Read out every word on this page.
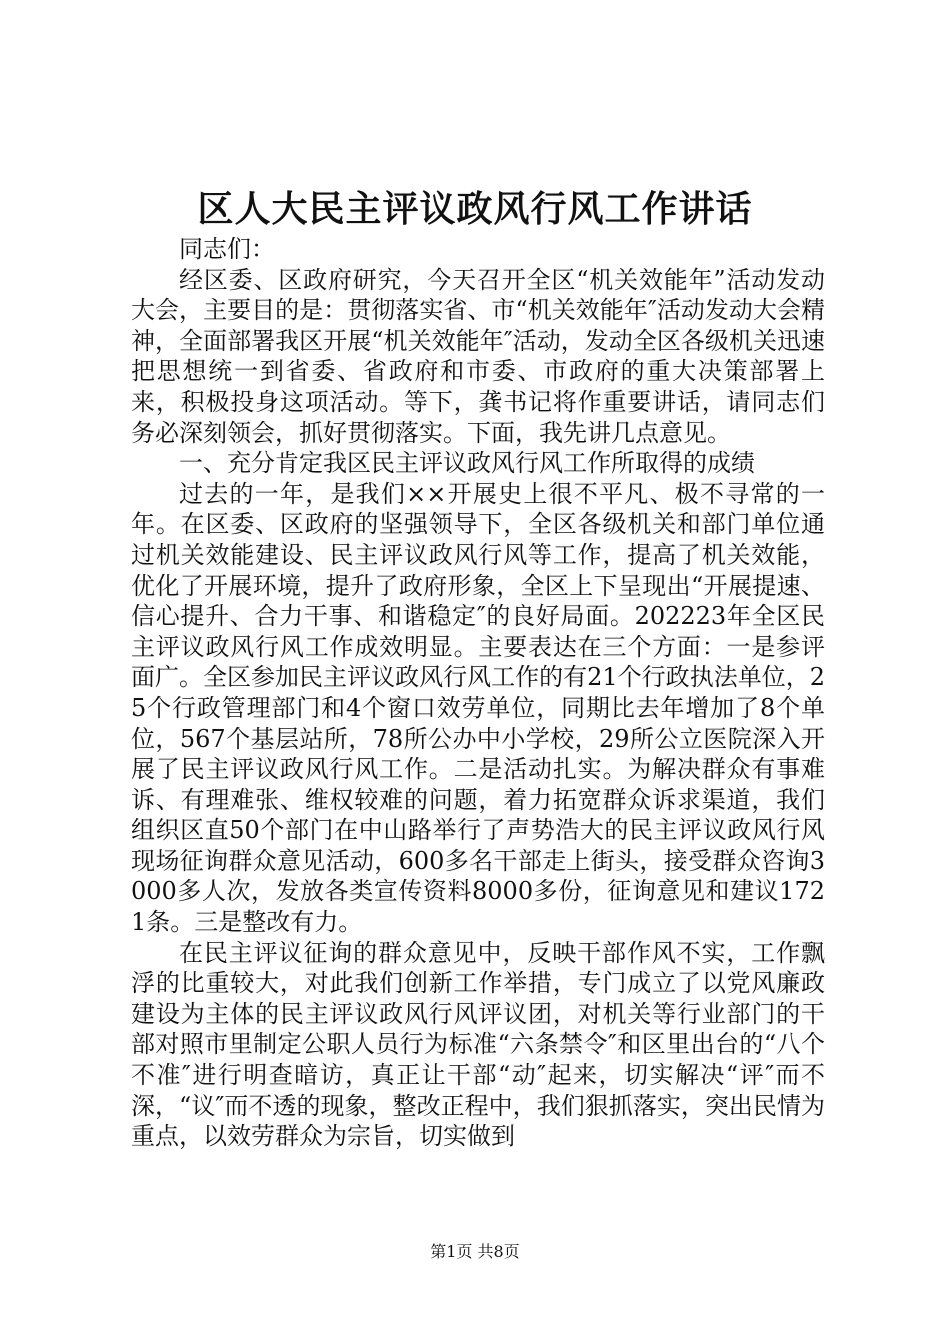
区人大民主评议政风行风工作讲话

同志们：

经区委、区政府研究，今天召开全区“机关效能年”活动发动大会，主要目的是：贯彻落实省、市“机关效能年″活动发动大会精神，全面部署我区开展“机关效能年″活动，发动全区各级机关迅速把思想统一到省委、省政府和市委、市政府的重大决策部署上来，积极投身这项活动。等下，龚书记将作重要讲话，请同志们务必深刻领会，抓好贯彻落实。下面，我先讲几点意见。

一、充分肯定我区民主评议政风行风工作所取得的成绩

过去的一年，是我们××开展史上很不平凡、极不寻常的一年。在区委、区政府的坚强领导下，全区各级机关和部门单位通过机关效能建设、民主评议政风行风等工作，提高了机关效能，优化了开展环境，提升了政府形象，全区上下呈现出“开展提速、信心提升、合力干事、和谐稳定″的良好局面。202223年全区民主评议政风行风工作成效明显。主要表达在三个方面：一是参评面广。全区参加民主评议政风行风工作的有21个行政执法单位，25个行政管理部门和4个窗口效劳单位，同期比去年增加了8个单位，567个基层站所，78所公办中小学校，29所公立医院深入开展了民主评议政风行风工作。二是活动扎实。为解决群众有事难诉、有理难张、维权较难的问题，着力拓宽群众诉求渠道，我们组织区直50个部门在中山路举行了声势浩大的民主评议政风行风现场征询群众意见活动，600多名干部走上街头，接受群众咨询3000多人次，发放各类宣传资料8000多份，征询意见和建议1721条。三是整改有力。

在民主评议征询的群众意见中，反映干部作风不实，工作飘浮的比重较大，对此我们创新工作举措，专门成立了以党风廉政建设为主体的民主评议政风行风评议团，对机关等行业部门的干部对照市里制定公职人员行为标准“六条禁令″和区里出台的“八个不准″进行明查暗访，真正让干部“动″起来，切实解决“评″而不深，“议″而不透的现象，整改正程中，我们狠抓落实，突出民情为重点，以效劳群众为宗旨，切实做到

第1页 共8页
